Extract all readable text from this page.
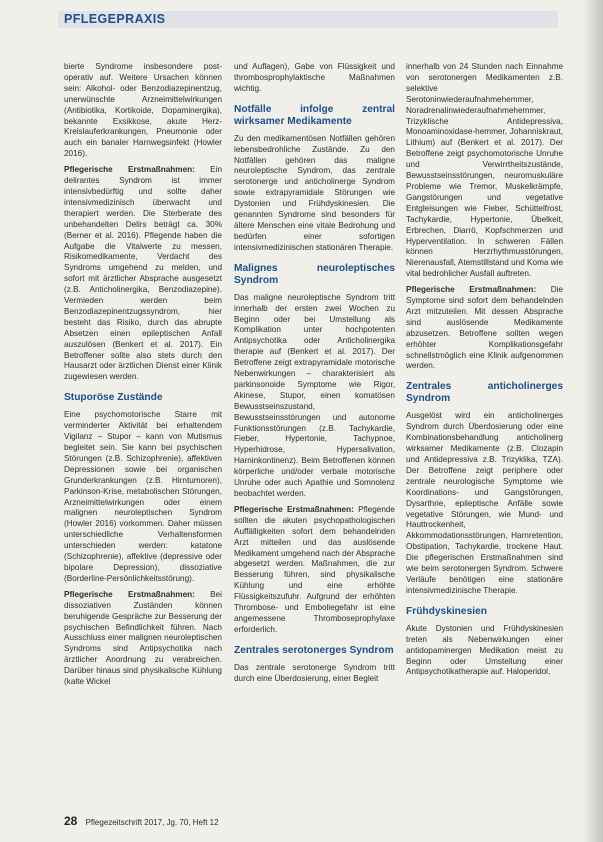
PFLEGEPRAXIS

bierte Syndrome insbesondere post-operativ auf. Weitere Ursachen können sein: Alkohol- oder Benzodiazepinentzug, unerwünschte Arzneimittelwirkungen (Antibiotika, Kortikoide, Dopaminergika), bekannte Exsikkose, akute Herz-Kreislauferkrankungen, Pneumonie oder auch ein banaler Harnwegsinfekt (Howler 2016).

Pflegerische Erstmaßnahmen: Ein delirantes Syndrom ist immer intensivbedürftig und sollte daher intensivmedizinisch überwacht und therapiert werden. Die Sterberate des unbehandelten Delirs beträgt ca. 30% (Berner et al. 2016). Pflegende haben die Aufgabe die Vitalwerte zu messen, Risikomedikamente, Verdacht des Syndroms umgehend zu melden, und sofort mit ärztlicher Absprache ausgesetzt (z.B. Anticholinergika, Benzodiazepine). Vermieden werden beim Benzodiazepinentzugssyndrom, hier besteht das Risiko, durch das abrupte Absetzen einen epileptischen Anfall auszulösen (Benkert et al. 2017). Ein Betroffener sollte also stets durch den Hausarzt oder ärztlichen Dienst einer Klinik zugewiesen werden.

Stuporöse Zustände

Eine psychomotorische Starre mit verminderter Aktivität bei erhaltendem Vigilanz – Stupor – kann von Mutismus begleitet sein. Sie kann bei psychischen Störungen (z.B. Schizophrenie), affektiven Depressionen sowie bei organischen Grunderkrankungen (z.B. Hirntumoren), Parkinson-Krise, metabolischen Störungen, Arzneimittelwirkungen oder einem malignen neuroleptischen Syndrom (Howler 2016) vorkommen. Daher müssen unterschiedliche Verhaltensformen unterschieden werden: katatone (Schizophrenie), affektive (depressive oder bipolare Depression), dissoziative (Borderline-Persönlichkeitsstörung).

Pflegerische Erstmaßnahmen: Bei dissoziativen Zuständen können beruhigende Gespräche zur Besserung der psychischen Befindlichkeit führen. Nach Ausschluss einer malignen neuroleptischen Syndroms sind Antipsychotika nach ärztlicher Anordnung zu verabreichen. Darüber hinaus sind physikalische Kühlung (kalte Wickel

und Auflagen), Gabe von Flüssigkeit und thrombosprophylaktische Maßnahmen wichtig.

Notfälle infolge zentral wirksamer Medikamente

Zu den medikamentösen Notfällen gehören lebensbedrohliche Zustände. Zu den Notfällen gehören das maligne neuroleptische Syndrom, das zentrale serotonerge und anticholinerge Syndrom sowie extrapyramidale Störungen wie Dystonien und Frühdyskinesien. Die genannten Syndrome sind besonders für ältere Menschen eine vitale Bedrohung und bedürfen einer sofortigen intensivmedizinischen stationären Therapie.

Malignes neuroleptisches Syndrom

Das maligne neuroleptische Syndrom tritt innerhalb der ersten zwei Wochen zu Beginn oder bei Umstellung als Komplikation unter hochpotenten Antipsychotika oder Anticholinergika therapie auf (Benkert et al. 2017). Der Betroffene zeigt extrapyramidale motorische Nebenwirkungen – charakterisiert als parkinsonoide Symptome wie Rigor, Akinese, Stupor, einen komatösen Bewusstseinszustand, Bewusstseinsstörungen und autonome Funktionsstörungen (z.B. Tachykardie, Fieber, Hypertonie, Tachypnoe, Hyperhidrose, Hypersalivation, Harninkontinenz). Beim Betroffenen können körperliche und/oder verbale motorische Unruhe oder auch Apathie und Somnolenz beobachtet werden.

Pflegerische Erstmaßnahmen: Pflegende sollten die akuten psychopathologischen Auffälligkeiten sofort dem behandelnden Arzt mitteilen und das auslösende Medikament umgehend nach der Absprache abgesetzt werden. Maßnahmen, die zur Besserung führen, sind physikalische Kühlung und eine erhöhte Flüssigkeitszufuhr. Aufgrund der erhöhten Thrombose- und Emboliegefahr ist eine angemessene Thromboseprophylaxe erforderlich.

Zentrales serotonerges Syndrom

Das zentrale serotonerge Syndrom tritt durch eine Überdosierung, einer Begleit

innerhalb von 24 Stunden nach Einnahme von serotonergen Medikamenten z.B. selektive Serotoninwiederaufnahmehemmer, Noradrenalinwiederaufnahmehemmer, Trizyklische Antidepressiva, Monoaminoxidase-hemmer, Johanniskraut, Lithium) auf (Benkert et al. 2017). Der Betroffene zeigt psychomotorische Unruhe und Verwirrtheitszustände, Bewusstseinsstörungen, neuromuskuläre Probleme wie Tremor, Muskelkrämpfe, Gangstörungen und vegetative Entgleisungen wie Fieber, Schüttelfrost, Tachykardie, Hypertonie, Übelkeit, Erbrechen, Diarrö, Kopfschmerzen und Hyperventilation. In schweren Fällen können Herzrhythmusstörungen, Nierenausfall, Atemstillstand und Koma wie vital bedrohlicher Ausfall auftreten.

Pflegerische Erstmaßnahmen: Die Symptome sind sofort dem behandelnden Arzt mitzuteilen. Mit dessen Absprache sind auslösende Medikamente abzusetzen. Betroffene sollten wegen erhöhter Komplikationsgefahr schnellstmöglich eine Klinik aufgenommen werden.

Zentrales anticholinerges Syndrom

Ausgelöst wird ein anticholinerges Syndrom durch Überdosierung oder eine Kombinationsbehandlung anticholinerg wirksamer Medikamente (z.B. Clozapin und Antidepressiva z.B. Trizyklika, TZA). Der Betroffene zeigt periphere oder zentrale neurologische Symptome wie Koordinations- und Gangstörungen, Dysarthrie, epileptische Anfälle sowie vegetative Störungen, wie Mund- und Hauttrockenheit, Akkommodationsstörungen, Harnretention, Obstipation, Tachykardie, trockene Haut. Die pflegerischen Erstmaßnahmen sind wie beim serotonergen Syndrom. Schwere Verläufe benötigen eine stationäre intensivmedizinische Therapie.

Frühdyskinesien

Akute Dystonien und Frühdyskinesien treten als Nebenwirkungen einer antidopaminergen Medikation meist zu Beginn oder Umstellung einer Antipsychotikatherapie auf. Haloperidol,

28 Pflegezeitschrift 2017, Jg. 70, Heft 12
